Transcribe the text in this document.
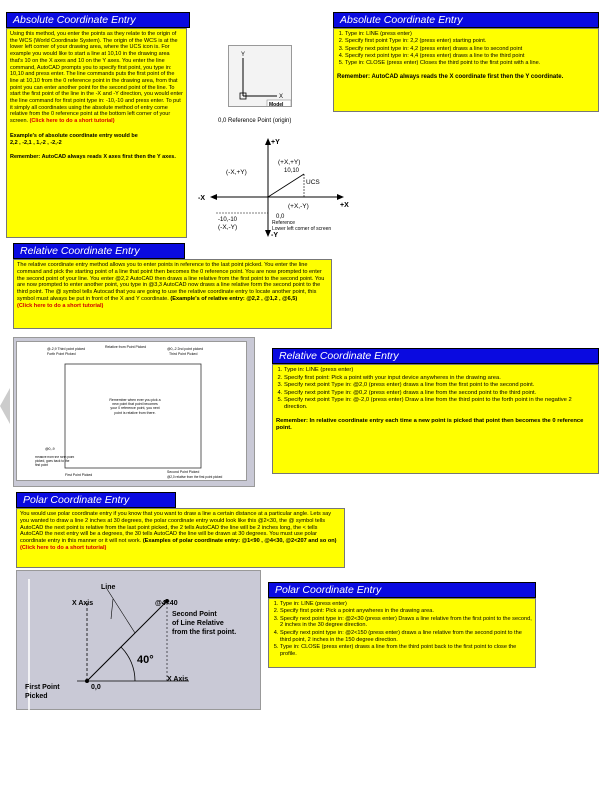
Absolute Coordinate Entry
Using this method, you enter the points as they relate to the origin of the WCS (World Coordinate System). The origin of the WCS is at the lower left corner of your drawing area, where the UCS icon is. For example you would like to start a line at 10,10 in the drawing area that's 10 on the X axes and 10 on the Y axes. You enter the line command, AutoCAD prompts you to specify first point, you type in: 10,10 and press enter. The line commands puts the first point of the line at 10,10 from the 0 reference point in the drawing area, from that point you can enter another point for the second point of the line. To start the first point of the line in the -X and -Y direction, you would enter the line command for first point type in: -10,-10 and press enter. To put it simply all coordinates using the absolute method of entry come relative from the 0 reference point at the bottom left corner of your screen. (Click here to do a short tutorial)
Example's of absolute coordinate entry would be
2,2 , -2,1 , 1,-2 , -2,-2
Remember: AutoCAD always reads X axes first then the Y axes.
Y
X
Model
0,0 Reference Point (origin)
+Y
-Y
+X
-X
(+X,+Y)
10,10
(-X,+Y)
-10,-10
(-X,-Y)
(+X,-Y)
UCS
0,0
Reference
Lower left corner of screen
Absolute Coordinate Entry
1. Type in: LINE (press enter)
2. Specify first point Type in: 2,2 (press enter) starting point.
3. Specify next point type in: 4,2 (press enter) draws a line to second point
4. Specify next point type in: 4,4 (press enter) draws a line to the third point
5. Type in: CLOSE (press enter) Closes the third point to the first point with a line.
Remember: AutoCAD always reads the X coordinate first then the Y coordinate.
Relative Coordinate Entry
The relative coordinate entry method allows you to enter points in reference to the last point picked. You enter the line command and pick the starting point of a line that point then becomes the 0 reference point. You are now prompted to enter the second point of your line. You enter @2,2 AutoCAD then draws a line relative from the first point to the second point. You are now prompted to enter another point, you type in @3,3 AutoCAD now draws a line relative form the second point to the third point. The @ symbol tells Autocad that you are going to use the relative coordinate entry to locate another point, this symbol must always be put in front of the X and Y coordinate. (Example's of relative entry: @2,2 , @1,2 , @6,5)
(Click here to do a short tutorial)
@-2,9 Third point picked
Forth Point Picked
Relative from Point Picked	@0,-2 2nd point picked
Third Point Picked
Remember when ever you pick a new point that point becomes your 0 reference point, you next point is relative from there.
@0,-9
Relative from the forth point picked, goes back to the first point
First Point Picked
Second Point Picked
@2,0 relative from the first point picked
Relative Coordinate Entry
1. Type in: LINE (press enter)
2. Specify first point: Pick a point with your input device anywheres in the drawing area.
3. Specify next point Type in: @2,0 (press enter) draws a line from the first point to the second point.
4. Specify next point Type in: @0,2 (press enter) draws a line from the second point to the third point.
5. Specify next point Type in: @-2,0 (press enter) Draw a line from the third point to the forth point in the negative 2 direction.
Remember: In relative coordinate entry each time a new point is picked that point then becomes the 0 reference point.
Polar Coordinate Entry
You would use polar coordinate entry if you know that you want to draw a line a certain distance at a particular angle. Lets say you wanted to draw a line 2 inches at 30 degrees, the polar coordinate entry would look like this @2<30, the @ symbol tells AutoCAD the next point is relative from the last point picked, the 2 tells AutoCAD the line will be 2 inches long, the < tells AutoCAD the next entry will be a degrees, the 30 tells AutoCAD the line will be drawn at 30 degrees. You must use polar coordinate entry in this manner or it will not work. (Examples of polar coordinate entry: @1<90 , @4<30, @2<207 and so on) (Click here to do a short tutorial)
Line
X Axis	@4<40
Second Point
of Line Relative
from the first point.
40°
X Axis
First Point
Picked
0,0
Polar Coordinate Entry
1. Type in: LINE (press enter)
2. Specify first point: Pick a point anywheres in the drawing area.
3. Specify next point type in: @2<30 (press enter) Draws a line relative from the first point to the second, 2 inches in the 30 degree direction.
4. Specify next point type in: @2<150 (press enter) draws a line relative from the second point to the third point, 2 inches in the 150 degree direction.
5. Type in: CLOSE (press enter) draws a line from the third point back to the first point to close the profile.
